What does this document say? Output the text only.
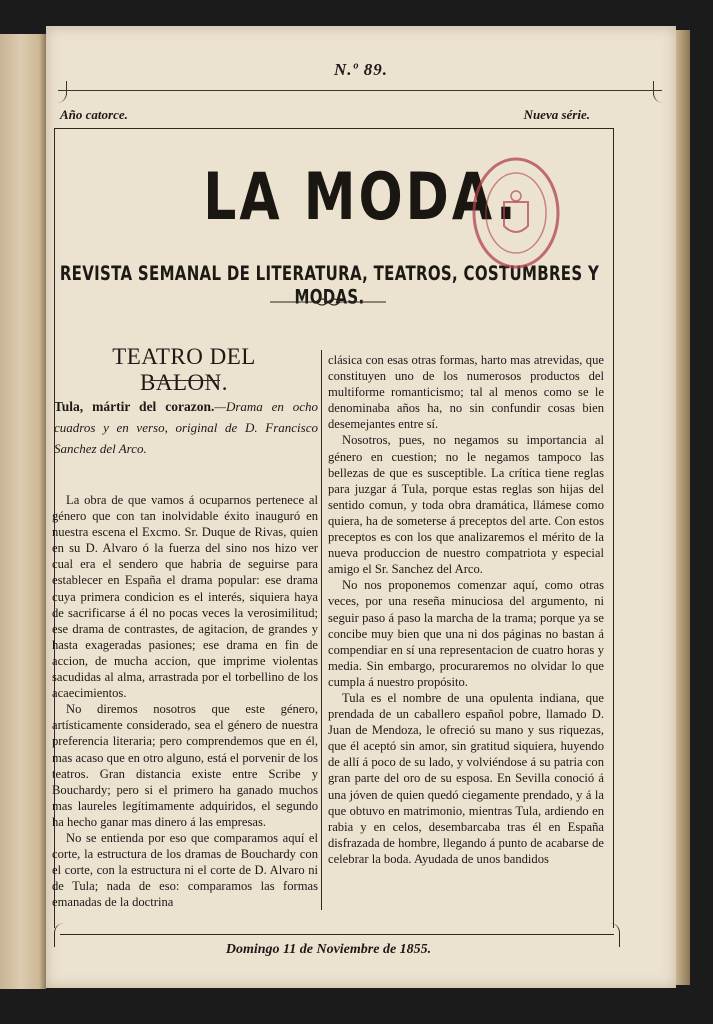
N.º 89.
Año catorce.	Nueva série.
LA MODA.
REVISTA SEMANAL DE LITERATURA, TEATROS, COSTUMBRES Y MODAS.
TEATRO DEL BALON.
Tula, mártir del corazon.—Drama en ocho cuadros y en verso, original de D. Francisco Sanchez del Arco.

La obra de que vamos á ocuparnos pertenece al género que con tan inolvidable éxito inauguró en nuestra escena el Excmo. Sr. Duque de Rivas, quien en su D. Alvaro ó la fuerza del sino nos hizo ver cual era el sendero que habria de seguirse para establecer en España el drama popular: ese drama cuya primera condicion es el interés, siquiera haya de sacrificarse á él no pocas veces la verosimilitud; ese drama de contrastes, de agitacion, de grandes y hasta exageradas pasiones; ese drama en fin de accion, de mucha accion, que imprime violentas sacudidas al alma, arrastrada por el torbellino de los acaecimientos.

No diremos nosotros que este género, artísticamente considerado, sea el género de nuestra preferencia literaria; pero comprendemos que en él, mas acaso que en otro alguno, está el porvenir de los teatros. Gran distancia existe entre Scribe y Bouchardy; pero si el primero ha ganado muchos mas laureles legítimamente adquiridos, el segundo ha hecho ganar mas dinero á las empresas.

No se entienda por eso que comparamos aquí el corte, la estructura de los dramas de Bouchardy con el corte, con la estructura ni el corte de D. Alvaro ni de Tula; nada de eso: comparamos las formas emanadas de la doctrina

clásica con esas otras formas, harto mas atrevidas, que constituyen uno de los numerosos productos del multiforme romanticismo; tal al menos como se le denominaba años ha, no sin confundir cosas bien desemejantes entre sí.

Nosotros, pues, no negamos su importancia al género en cuestion; no le negamos tampoco las bellezas de que es susceptible. La crítica tiene reglas para juzgar á Tula, porque estas reglas son hijas del sentido comun, y toda obra dramática, llámese como quiera, ha de someterse á preceptos del arte. Con estos preceptos es con los que analizaremos el mérito de la nueva produccion de nuestro compatriota y especial amigo el Sr. Sanchez del Arco.

No nos proponemos comenzar aquí, como otras veces, por una reseña minuciosa del argumento, ni seguir paso á paso la marcha de la trama; porque ya se concibe muy bien que una ni dos páginas no bastan á compendiar en sí una representacion de cuatro horas y media. Sin embargo, procuraremos no olvidar lo que cumpla á nuestro propósito.

Tula es el nombre de una opulenta indiana, que prendada de un caballero español pobre, llamado D. Juan de Mendoza, le ofreció su mano y sus riquezas, que él aceptó sin amor, sin gratitud siquiera, huyendo de allí á poco de su lado, y volviéndose á su patria con gran parte del oro de su esposa. En Sevilla conoció á una jóven de quien quedó ciegamente prendado, y á la que obtuvo en matrimonio, mientras Tula, ardiendo en rabia y en celos, desembarcaba tras él en España disfrazada de hombre, llegando á punto de acabarse de celebrar la boda. Ayudada de unos bandidos

Domingo 11 de Noviembre de 1855.
